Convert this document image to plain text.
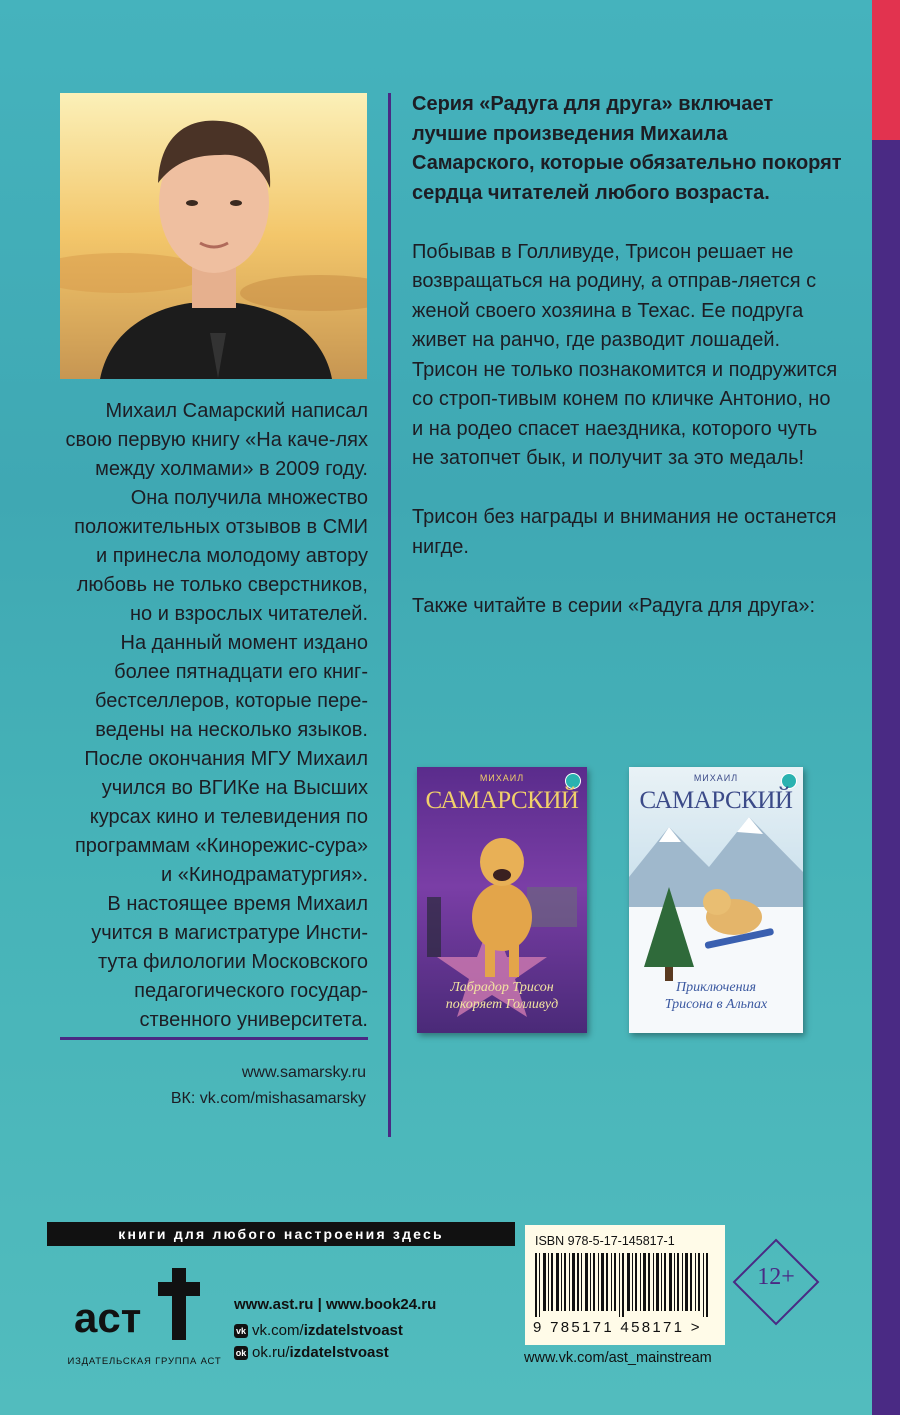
Михаил Самарский написал свою первую книгу «На каче-лях между холмами» в 2009 году. Она получила множество положительных отзывов в СМИ и принесла молодому автору любовь не только сверстников, но и взрослых читателей.

На данный момент издано более пятнадцати его книг-бестселлеров, которые пере-ведены на несколько языков.

После окончания МГУ Михаил учился во ВГИКе на Высших курсах кино и телевидения по программам «Кинорежис-сура» и «Кинодраматургия».

В настоящее время Михаил учится в магистратуре Инсти-тута филологии Московского педагогического государ-ственного университета.

www.samarsky.ru
ВК: vk.com/mishasamarsky

Серия «Радуга для друга» включает лучшие произведения Михаила Самарского, которые обязательно покорят сердца читателей любого возраста.

Побывав в Голливуде, Трисон решает не возвращаться на родину, а отправ-ляется с женой своего хозяина в Техас. Ее подруга живет на ранчо, где разводит лошадей. Трисон не только познакомится и подружится со строп-тивым конем по кличке Антонио, но и на родео спасет наездника, которого чуть не затопчет бык, и получит за это медаль!

Трисон без награды и внимания не останется нигде.

Также читайте в серии «Радуга для друга»:

МИХАИЛ
САМАРСКИЙ
Лабрадор Трисон
покоряет Голливуд
МИХАИЛ
САМАРСКИЙ
Приключения
Трисона в Альпах
книги для любого настроения здесь
аст
ИЗДАТЕЛЬСКАЯ ГРУППА АСТ
www.ast.ru | www.book24.ru
vk vk.com/ izdatelstvoast
ok ok.ru/ izdatelstvoast
ISBN 978-5-17-145817-1
9 785171 458171 >
12+
www.vk.com/ast_mainstream
